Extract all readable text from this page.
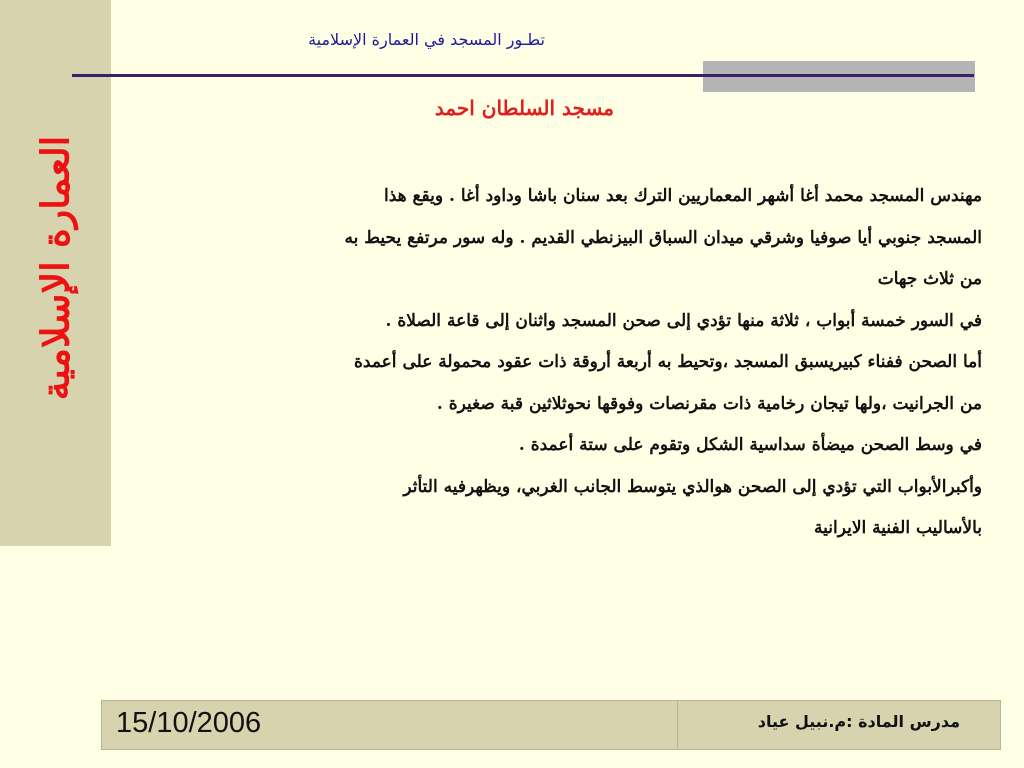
العمارة الإسلامية
تطـور المسجد في العمارة الإسلامية
مسجد السلطان احمد

مهندس المسجد محمد أغا أشهر المعماريين الترك بعد سنان باشا وداود أغا . ويقع هذا

المسجد جنوبي أيا صوفيا وشرقي ميدان السباق البيزنطي القديم . وله سور مرتفع يحيط به

من ثلاث جهات

في السور خمسة أبواب ، ثلاثة منها تؤدي إلى صحن المسجد واثنان إلى قاعة الصلاة .

أما الصحن ففناء كبيريسبق المسجد ،وتحيط به أربعة أروقة ذات عقود محمولة على أعمدة

من الجرانيت ،ولها تيجان رخامية ذات مقرنصات وفوقها نحوثلاثين قبة صغيرة .

في وسط الصحن ميضأة سداسية الشكل وتقوم على ستة أعمدة .

وأكبرالأبواب التي تؤدي إلى الصحن هوالذي يتوسط الجانب الغربي، ويظهرفيه التأثر

بالأساليب الفنية الايرانية

15/10/2006	مدرس المادة :م.نبيل عياد
